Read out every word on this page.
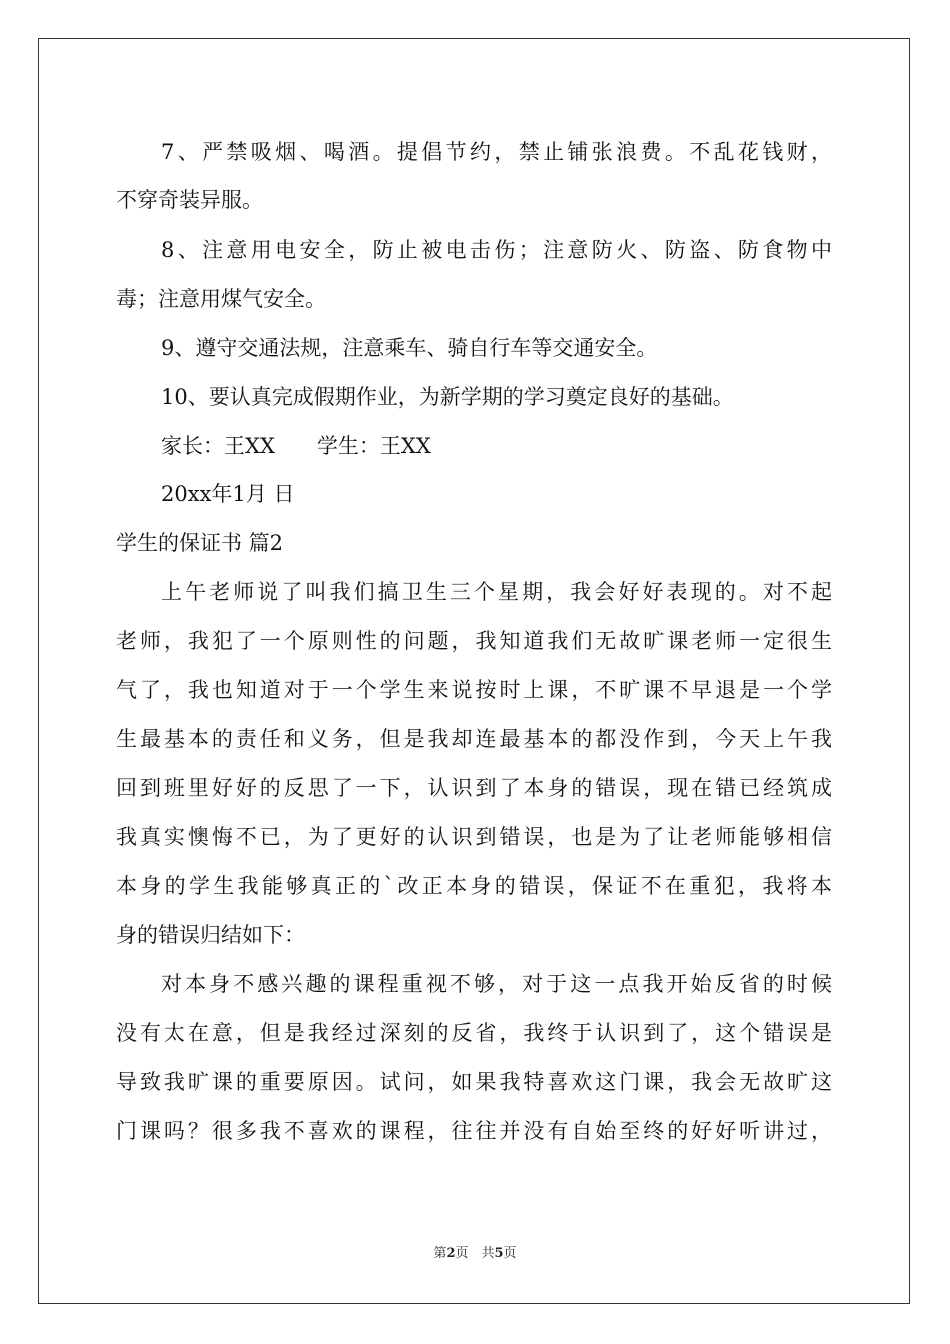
7、严禁吸烟、喝酒。提倡节约，禁止铺张浪费。不乱花钱财，
不穿奇装异服。
8、注意用电安全，防止被电击伤；注意防火、防盗、防食物中
毒；注意用煤气安全。
9、遵守交通法规，注意乘车、骑自行车等交通安全。
10、要认真完成假期作业，为新学期的学习奠定良好的基础。
家长：王XX　　学生：王XX
20xx年1月 日
学生的保证书 篇2
上午老师说了叫我们搞卫生三个星期，我会好好表现的。对不起
老师，我犯了一个原则性的问题，我知道我们无故旷课老师一定很生
气了，我也知道对于一个学生来说按时上课，不旷课不早退是一个学
生最基本的责任和义务，但是我却连最基本的都没作到，今天上午我
回到班里好好的反思了一下，认识到了本身的错误，现在错已经筑成
我真实懊悔不已，为了更好的认识到错误，也是为了让老师能够相信
本身的学生我能够真正的`改正本身的错误，保证不在重犯，我将本
身的错误归结如下：
对本身不感兴趣的课程重视不够，对于这一点我开始反省的时候
没有太在意，但是我经过深刻的反省，我终于认识到了，这个错误是
导致我旷课的重要原因。试问，如果我特喜欢这门课，我会无故旷这
门课吗？很多我不喜欢的课程，往往并没有自始至终的好好听讲过，
第2页　共5页
